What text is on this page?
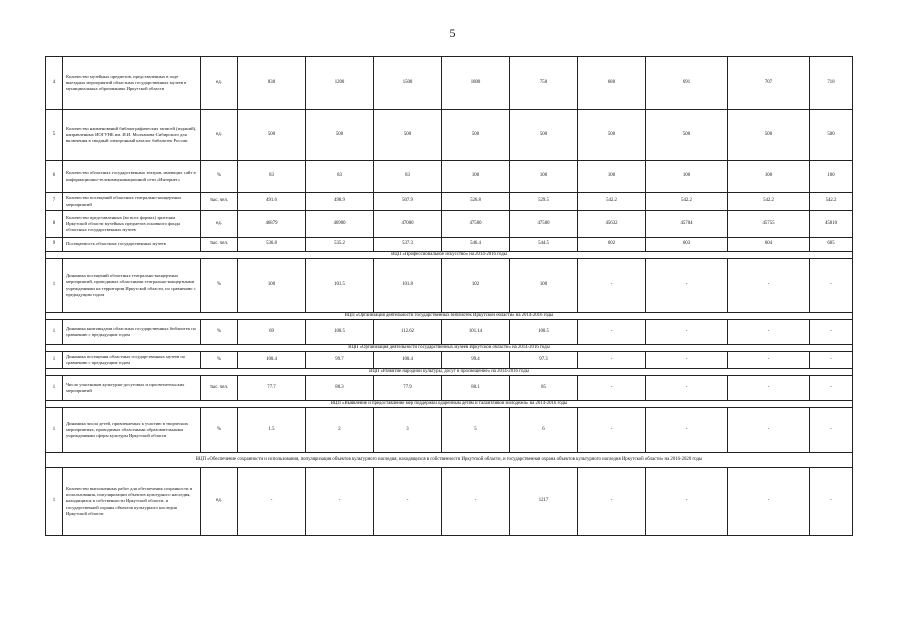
5
4	Количество музейных предметов, представленных в ходе выездных мероприятий областных государственных музеев в муниципальных образованиях Иркутской области	ед.	830	1200	1500	1800	750	680	691	707	718
5	Количество наименований библиографических записей (изданий), направленных ИОГУНБ им. И.И. Молчанова-Сибирского для включения в сводный электронный каталог библиотек России	ед.	500	500	500	500	500	500	500	500	500
6	Количество областных государственных театров, имеющих сайт в информационно-телекоммуникационной сети «Интернет»	%	83	83	83	100	100	100	100	100	100
7	Количество посещений областных театрально-концертных мероприятий	тыс. чел.	491.6	498.9	507.9	526.8	529.5	542.2	542.2	542.2	542.2
8	Количество представленных (во всех формах) зрителям Иркутской области музейных предметов основного фонда областных государственных музеев	ед.	46879	46900	47000	47500	47500	45632	45704	45755	45810
9	Посещаемость областных государственных музеев	тыс. чел.	536.8	535.2	537.3	546.4	544.5	602	603	604	605
ВЦП «Профессиональное искусство» на 2014-2016 годы											
1	Динамика посещений областных театрально-концертных мероприятий, проводимых областными театрально-концертными учреждениями на территории Иркутской области, по сравнению с предыдущим годом	%	100	101.5	101.8	102	100	-	-	-	-
ВЦП «Организация деятельности государственных библиотек Иркутской области» на 2014-2016 годы											
1	Динамика книговыдачи областных государственных библиотек по сравнению с предыдущим годом	%	69	100.5	112.62	101.14	100.5	-	-	-	-
ВЦП «Организация деятельности государственных музеев Иркутской области» на 2014-2016 годы											
1	Динамика посещения областных государственных музеев по сравнению с предыдущим годом	%	100.4	99.7	100.4	99.4	97.3	-	-	-	-
ВЦП «Развитие народной культуры, досуг и просвещение» на 2014-2016 годы											
1	Число участников культурно-досуговых и просветительских мероприятий	тыс. чел.	77.7	80.3	77.9	80.1	85	-	-	-	-
ВЦП «Выявление и предоставление мер поддержки одаренным детям и талантливой молодежи» на 2014-2016 годы											
1	Динамика числа детей, привлекаемых к участию в творческих мероприятиях, проводимых областными образовательными учреждениями сферы культуры Иркутской области	%	1.5	2	3	5	6	-	-	-	-
ВЦП «Обеспечение сохранности и использования, популяризация объектов культурного наследия, находящихся в собственности Иркутской области, и государственная охрана объектов культурного наследия Иркутской области» на 2016-2020 годы											
1	Количество выполненных работ для обеспечения сохранности и использования, популяризации объектов культурного наследия, находящихся в собственности Иркутской области, и государственной охраны объектов культурного наследия Иркутской области	ед.	-	-	-	-	1217	-	-	-	-
